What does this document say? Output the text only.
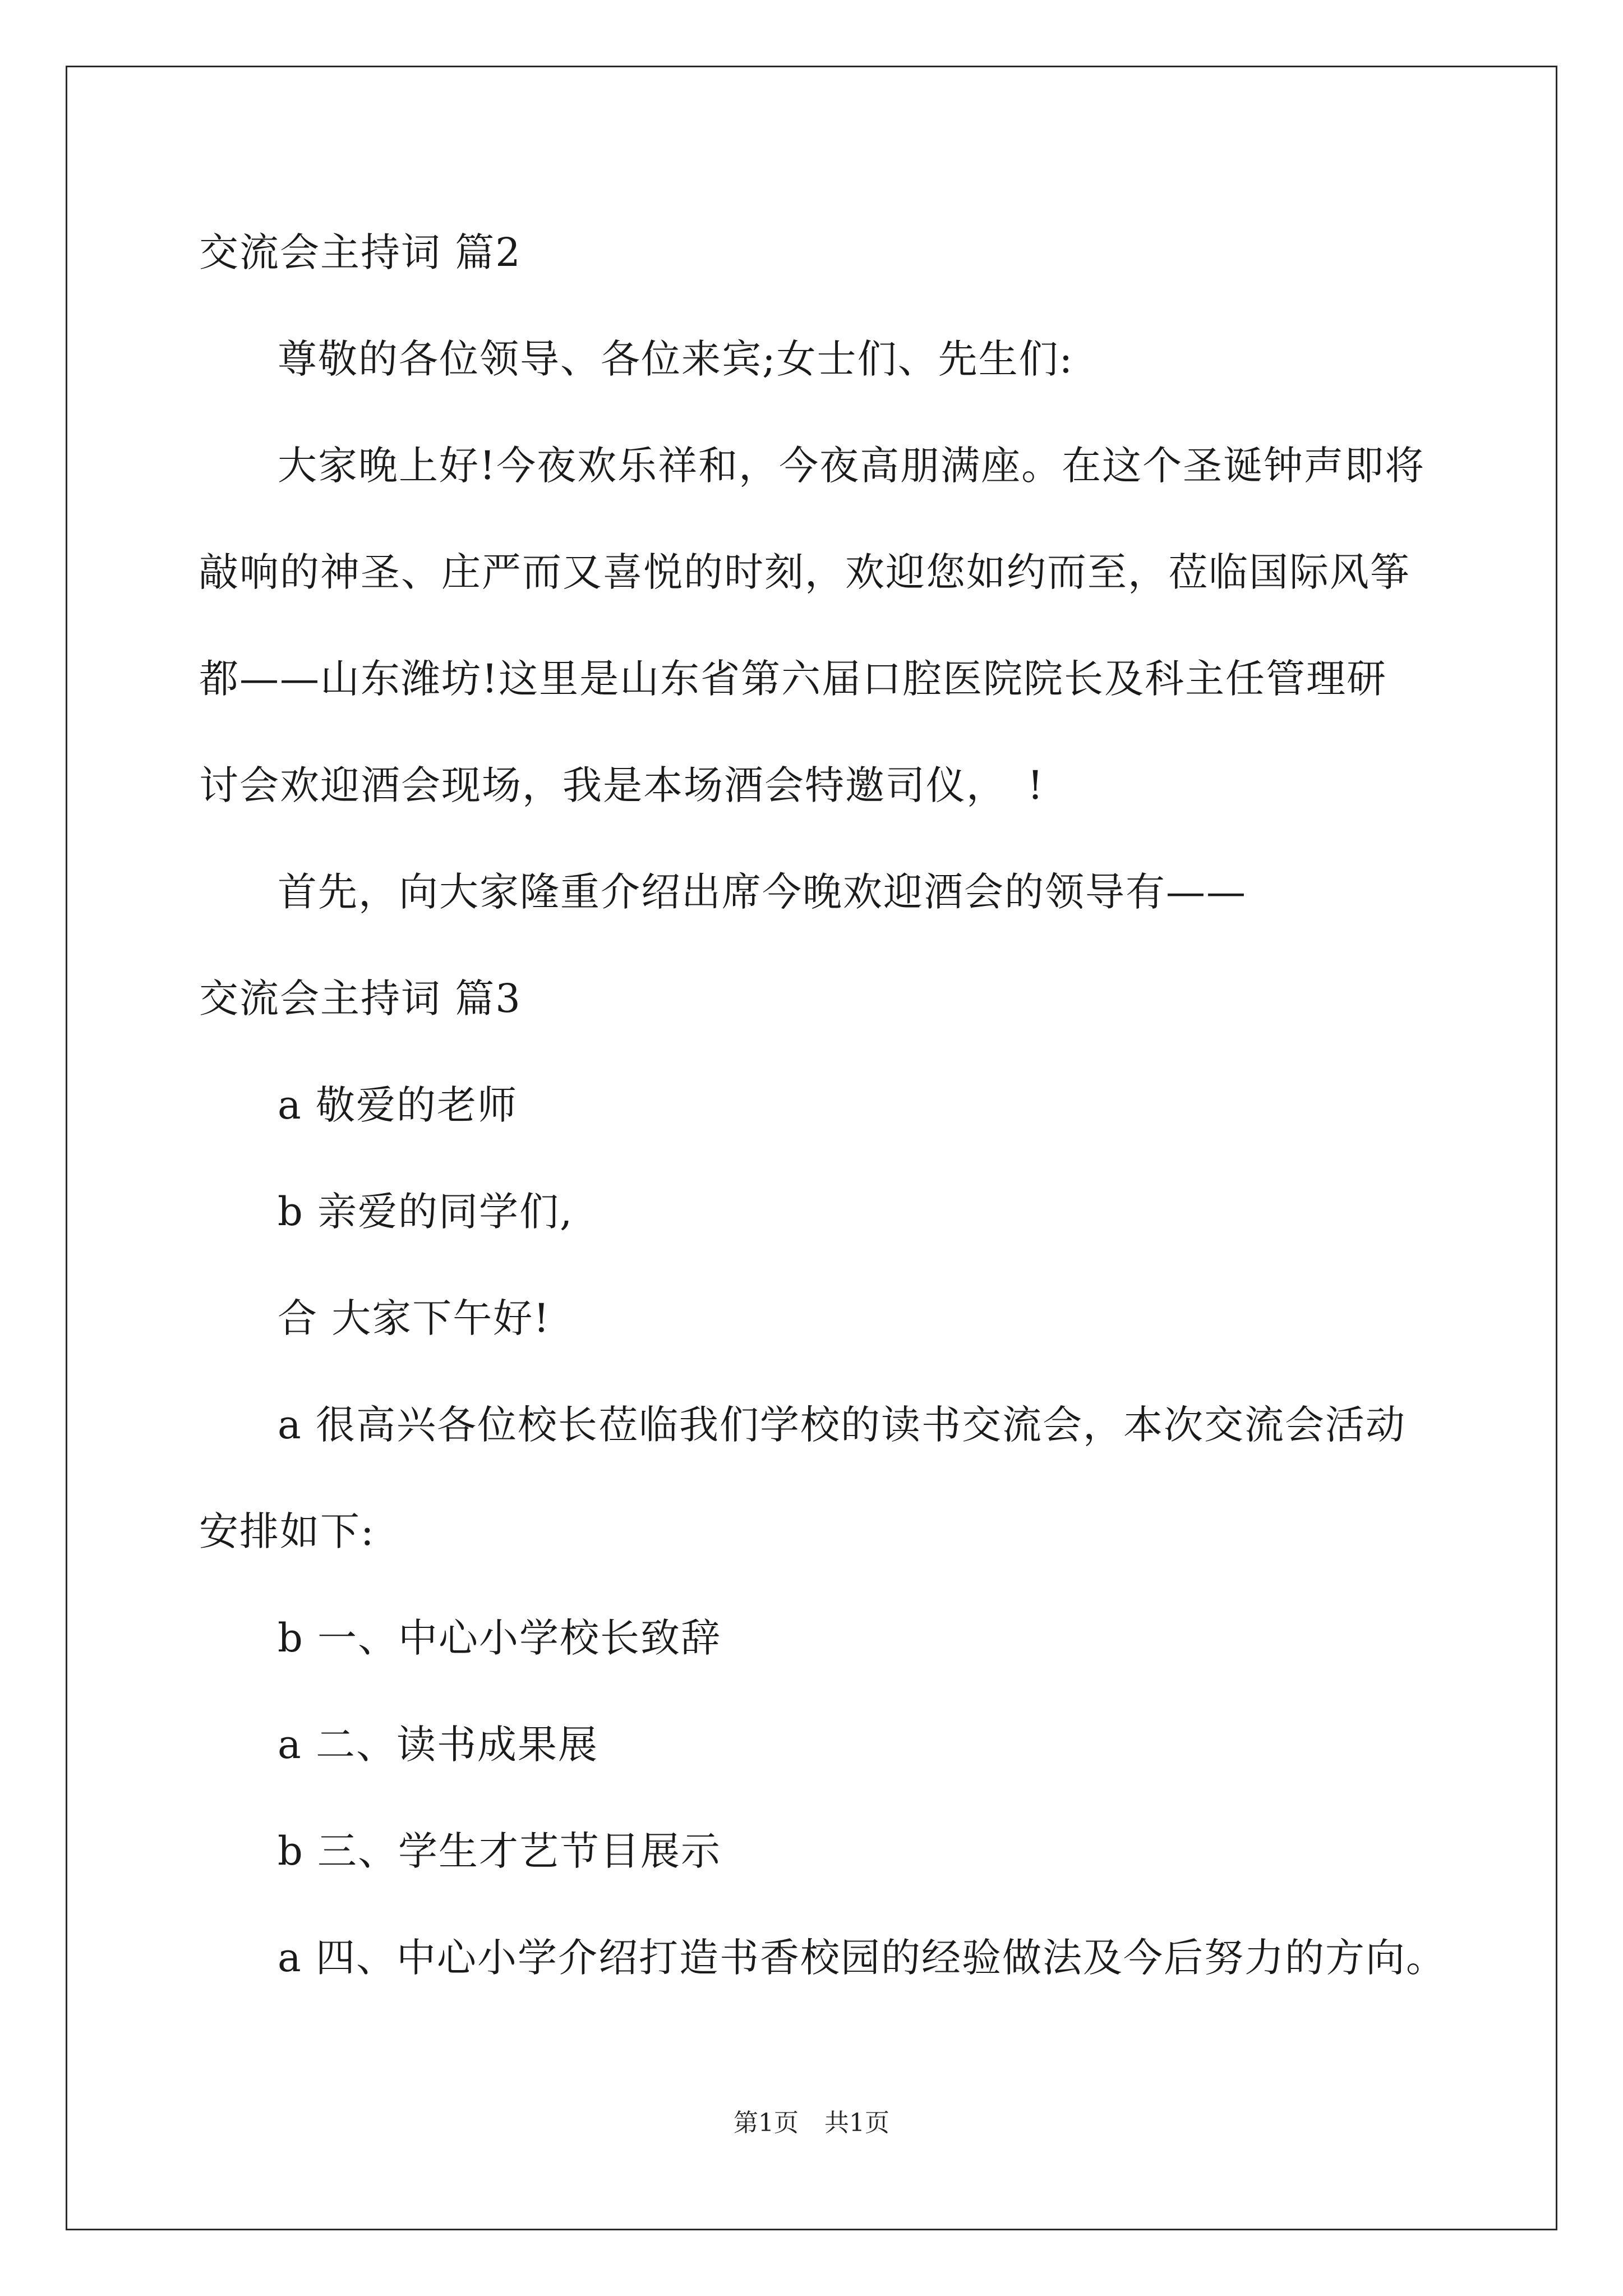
交流会主持词 篇2
尊敬的各位领导、各位来宾;女士们、先生们:
大家晚上好!今夜欢乐祥和，今夜高朋满座。在这个圣诞钟声即将
敲响的神圣、庄严而又喜悦的时刻，欢迎您如约而至，莅临国际风筝
都——山东潍坊!这里是山东省第六届口腔医院院长及科主任管理研
讨会欢迎酒会现场，我是本场酒会特邀司仪，　!
首先，向大家隆重介绍出席今晚欢迎酒会的领导有——
交流会主持词 篇3
a 敬爱的老师
b 亲爱的同学们,
合 大家下午好!
a 很高兴各位校长莅临我们学校的读书交流会，本次交流会活动
安排如下:
b 一、中心小学校长致辞
a 二、读书成果展
b 三、学生才艺节目展示
a 四、中心小学介绍打造书香校园的经验做法及今后努力的方向。
第1页 共1页
